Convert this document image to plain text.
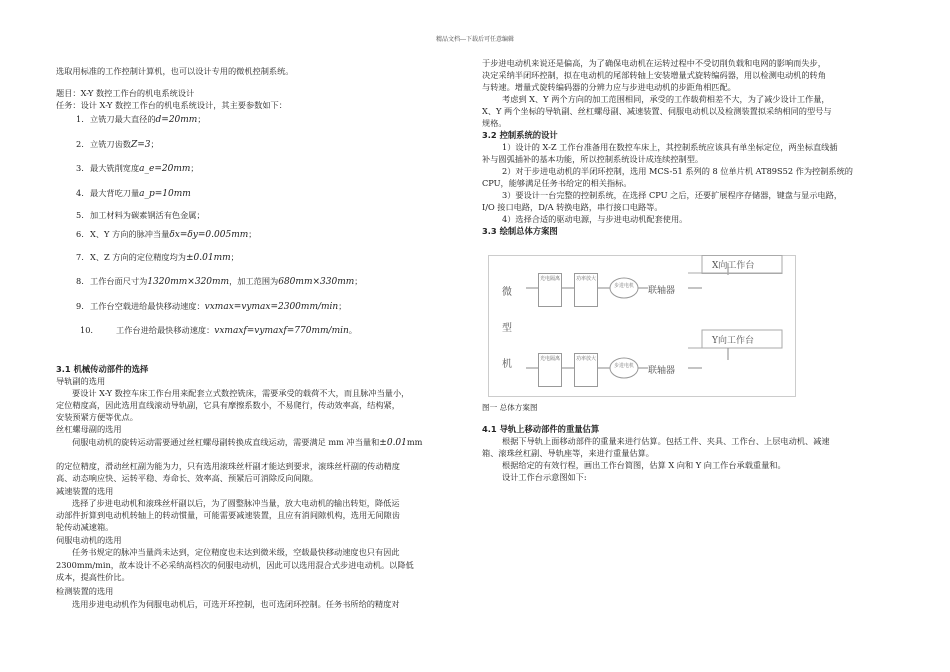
精品文档---下载后可任意编辑
选取用标准的工作控制计算机，也可以设计专用的微机控制系统。
题目：X-Y 数控工作台的机电系统设计
任务：设计 X-Y 数控工作台的机电系统设计，其主要参数如下：
1. 立铣刀最大直径的d=20mm；
2. 立铣刀齿数Z=3；
3. 最大铣削宽度a_e=20mm；
4. 最大背吃刀量a_p=10mm
5. 加工材料为碳素钢活有色金属；
6. X、Y 方向的脉冲当量δx=δy=0.005mm；
7. X、Z 方向的定位精度均为±0.01mm；
8. 工作台面尺寸为1320mm×320mm，加工范围为680mm×330mm；
9. 工作台空载进给最快移动速度：vxmax=vymax=2300mm/min；
10.	工作台进给最快移动速度：vxmaxf=vymaxf=770mm/min。
3.1 机械传动部件的选择
导轨副的选用
要设计 X-Y 数控车床工作台用来配套立式数控铣床，需要承受的载荷不大，而且脉冲当量小，
定位精度高，因此选用直线滚动导轨副，它具有摩擦系数小，不易爬行，传动效率高，结构紧，
安装预紧方便等优点。
丝杠螺母副的选用
伺服电动机的旋转运动需要通过丝杠螺母副转换成直线运动，需要满足 mm 冲当量和±0.01mm
的定位精度，滑动丝杠副为能为力，只有选用滚珠丝杆副才能达到要求，滚珠丝杆副的传动精度
高、动态响应快、运转平稳、寿命长、效率高、预紧后可消除反向间隙。
减速装置的选用
选择了步进电动机和滚珠丝杆副以后，为了圆整脉冲当量，放大电动机的输出转矩，降低运
动部件折算到电动机转轴上的转动惯量，可能需要减速装置，且应有消间隙机构，选用无间隙齿
轮传动减速箱。
伺服电动机的选用
任务书规定的脉冲当量尚未达到，定位精度也未达到微米级，空载最快移动速度也只有因此
2300mm/min，故本设计不必采纳高档次的伺服电动机，因此可以选用混合式步进电动机。以降低
成本，提高性价比。
检测装置的选用
选用步进电动机作为伺服电动机后，可选开环控制，也可选闭环控制。任务书所给的精度对
于步进电动机来说还是偏高，为了确保电动机在运转过程中不受切削负载和电网的影响而失步，
决定采纳半闭环控制，拟在电动机的尾部转轴上安装增量式旋转编码器，用以检测电动机的转角
与转速。增量式旋转编码器的分辨力应与步进电动机的步距角相匹配。
考虑到 X、Y 两个方向的加工范围相同，承受的工作载荷相差不大，为了减少设计工作量，
X、Y 两个坐标的导轨副、丝杠螺母副、减速装置、伺服电动机以及检测装置拟采纳相同的型号与
规格。
3.2 控制系统的设计
1）设计的 X-Z 工作台准备用在数控车床上，其控制系统应该具有单坐标定位，两坐标直线插
补与圆弧插补的基本功能，所以控制系统设计成连续控制型。
2）对于步进电动机的半闭环控制，选用 MCS-51 系列的 8 位单片机 AT89S52 作为控制系统的
CPU，能够满足任务书给定的相关指标。
3）要设计一台完整的控制系统，在选择 CPU 之后，还要扩展程序存储器，键盘与显示电路，
I/O 接口电路，D/A 转换电路，串行接口电路等。
4）选择合适的驱动电源，与步进电动机配套使用。
3.3 绘制总体方案图
图一 总体方案图
4.1 导轨上移动部件的重量估算
根据下导轨上面移动部件的重量来进行估算。包括工件、夹具、工作台、上层电动机、减速
箱、滚珠丝杠副、导轨座等，来进行重量估算。
根据给定的有效行程，画出工作台简图，估算 X 向和 Y 向工作台承载重量和。
设计工作台示意图如下:
微
型
机
光电隔离	功率放大
步进电机 联轴器
X向工作台
光电隔离	功率放大
步进电机 联轴器
Y向工作台
